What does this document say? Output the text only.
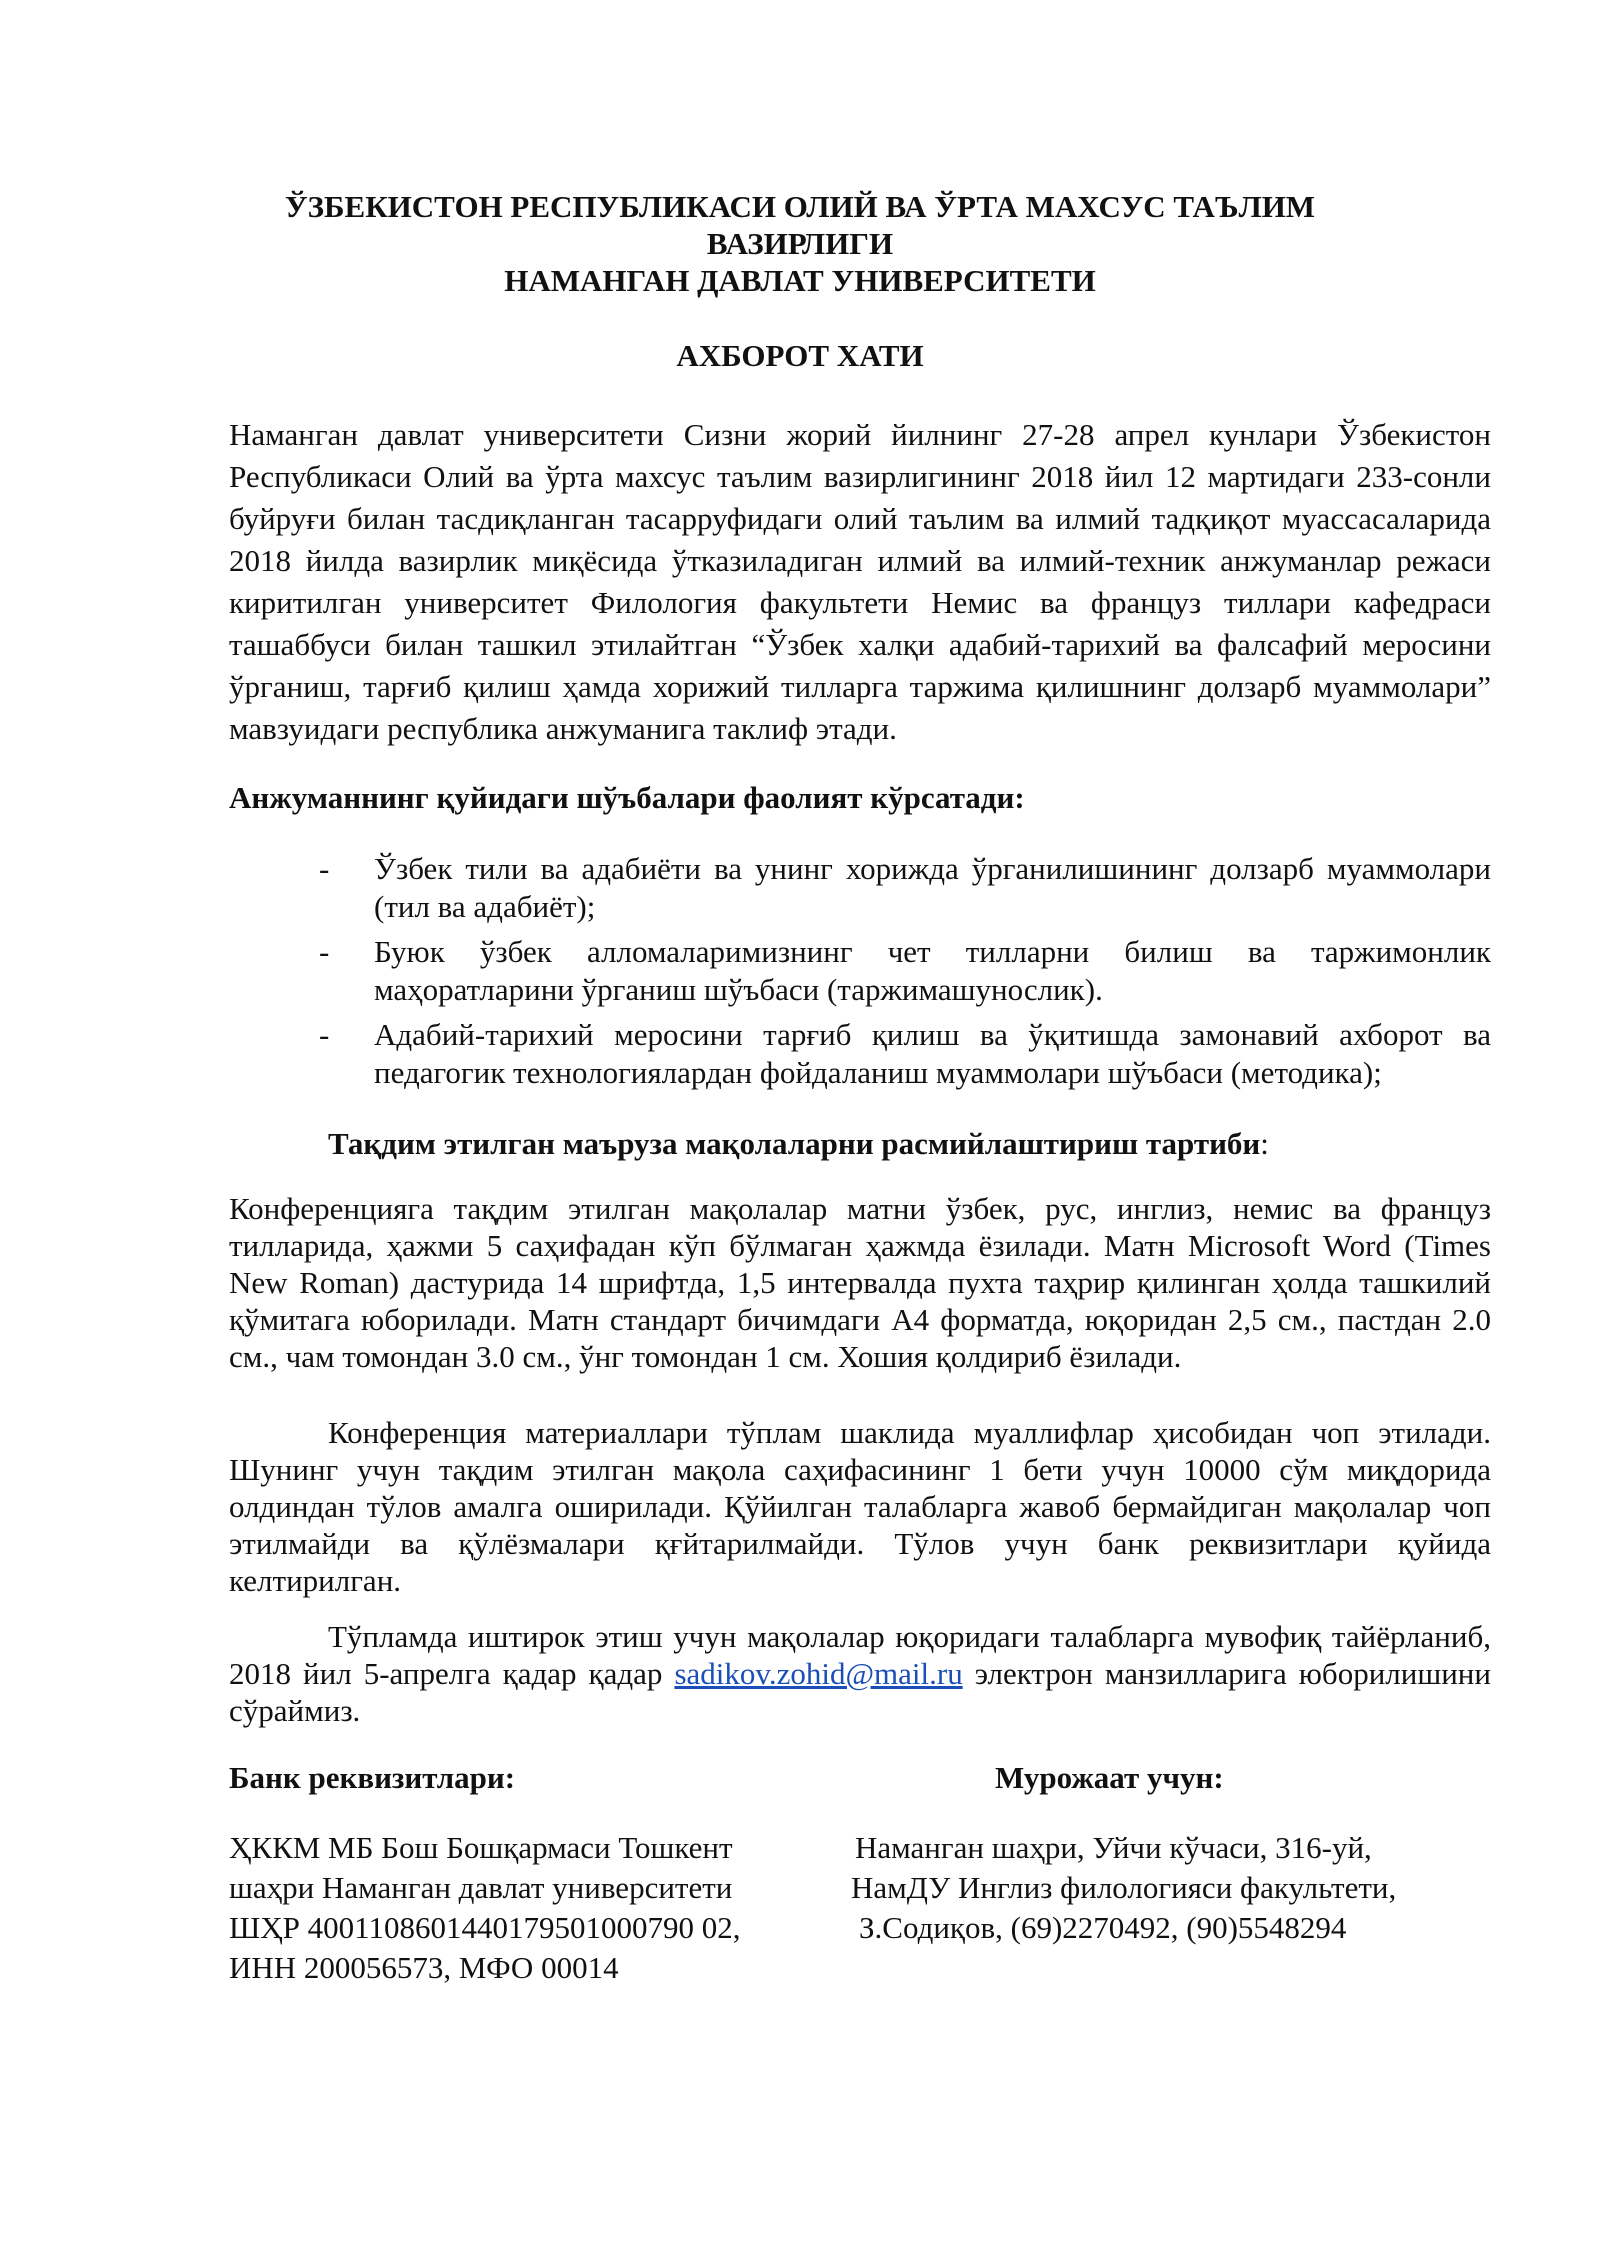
ЎЗБЕКИСТОН РЕСПУБЛИКАСИ ОЛИЙ ВА ЎРТА МАХСУС ТАЪЛИМ
ВАЗИРЛИГИ
НАМАНГАН ДАВЛАТ УНИВЕРСИТЕТИ
АХБОРОТ ХАТИ

Наманган давлат университети Сизни жорий йилнинг 27-28 апрел кунлари Ўзбекистон Республикаси Олий ва ўрта махсус таълим вазирлигининг 2018 йил 12 мартидаги 233-сонли буйруғи билан тасдиқланган тасарруфидаги олий таълим ва илмий тадқиқот муассасаларида 2018 йилда вазирлик миқёсида ўтказиладиган илмий ва илмий-техник анжуманлар режаси киритилган университет Филология факультети Немис ва француз тиллари кафедраси ташаббуси билан ташкил этилайтган “Ўзбек халқи адабий-тарихий ва фалсафий меросини ўрганиш, тарғиб қилиш ҳамда хорижий тилларга таржима қилишнинг долзарб муаммолари” мавзуидаги республика анжуманига таклиф этади.

Анжуманнинг қуйидаги шўъбалари фаолият кўрсатади:

- Ўзбек тили ва адабиёти ва унинг хорижда ўрганилишининг долзарб муаммолари (тил ва адабиёт);
- Буюк ўзбек алломаларимизнинг чет тилларни билиш ва таржимонлик маҳоратларини ўрганиш шўъбаси (таржимашунослик).
- Адабий-тарихий меросини тарғиб қилиш ва ўқитишда замонавий ахборот ва педагогик технологиялардан фойдаланиш муаммолари шўъбаси (методика);

Тақдим этилган маъруза мақолаларни расмийлаштириш тартиби:

Конференцияга тақдим этилган мақолалар матни ўзбек, рус, инглиз, немис ва француз тилларида, ҳажми 5 саҳифадан кўп бўлмаган ҳажмда ёзилади. Матн Microsoft Word (Times New Roman) дастурида 14 шрифтда, 1,5 интервалда пухта таҳрир қилинган ҳолда ташкилий қўмитага юборилади. Матн стандарт бичимдаги А4 форматда, юқоридан 2,5 см., пастдан 2.0 см., чам томондан 3.0 см., ўнг томондан 1 см. Хошия қолдириб ёзилади.

Конференция материаллари тўплам шаклида муаллифлар ҳисобидан чоп этилади. Шунинг учун тақдим этилган мақола саҳифасининг 1 бети учун 10000 сўм миқдорида олдиндан тўлов амалга оширилади. Қўйилган талабларга жавоб бермайдиган мақолалар чоп этилмайди ва қўлёзмалари қғйтарилмайди. Тўлов учун банк реквизитлари қуйида келтирилган.

Тўпламда иштирок этиш учун мақолалар юқоридаги талабларга мувофиқ тайёрланиб, 2018 йил 5-апрелга қадар қадар sadikov.zohid@mail.ru электрон манзилларига юборилишини сўраймиз.

Банк реквизитлари:	Мурожаат учун:

ҲККМ МБ Бош Бошқармаси Тошкент
шаҳри Наманган давлат университети
ШҲР 4001108601440179501000790 02,
ИНН 200056573, МФО 00014
Наманган шаҳри, Уйчи кўчаси, 316-уй,
НамДУ Инглиз филологияси факультети,
З.Содиқов, (69)2270492, (90)5548294
